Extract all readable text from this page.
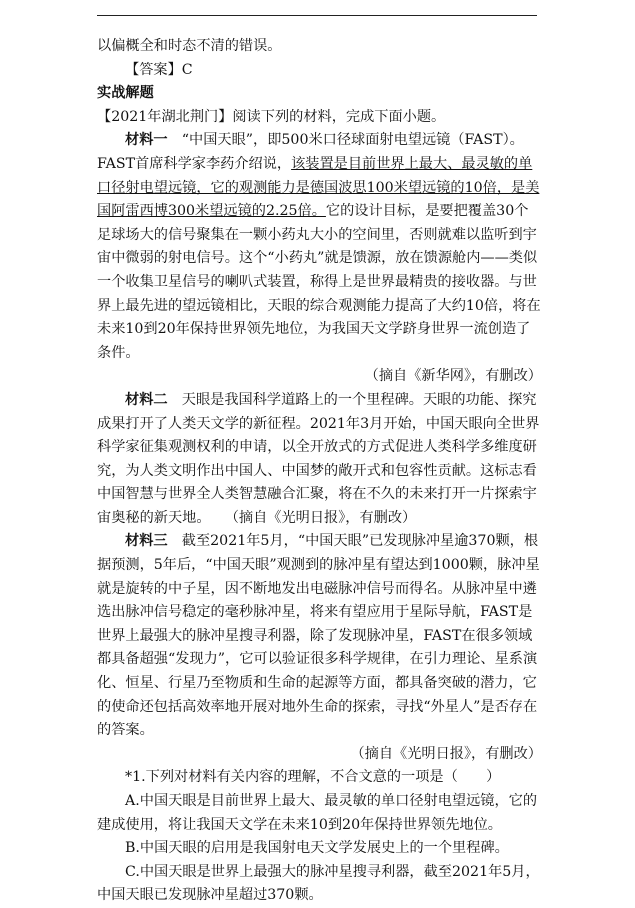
以偏概全和时态不清的错误。

【答案】C

实战解题

【2021年湖北荆门】阅读下列的材料，完成下面小题。

材料一  “中国天眼”，即500米口径球面射电望远镜（FAST）。FAST首席科学家李药介绍说，该装置是目前世界上最大、最灵敏的单口径射电望远镜，它的观测能力是德国波思100米望远镜的10倍，是美国阿雷西博300米望远镜的2.25倍。它的设计目标，是要把覆盖30个足球场大的信号聚集在一颗小药丸大小的空间里，否则就难以监听到宇宙中微弱的射电信号。这个“小药丸”就是馈源，放在馈源舱内——类似一个收集卫星信号的喇叭式装置，称得上是世界最精贵的接收器。与世界上最先进的望远镜相比，天眼的综合观测能力提高了大约10倍，将在未来10到20年保持世界领先地位，为我国天文学跻身世界一流创造了条件。

（摘自《新华网》，有删改）

材料二  天眼是我国科学道路上的一个里程碑。天眼的功能、探究成果打开了人类天文学的新征程。2021年3月开始，中国天眼向全世界科学家征集观测权利的申请，以全开放式的方式促进人类科学多维度研究，为人类文明作出中国人、中国梦的敞开式和包容性贡献。这标志看中国智慧与世界全人类智慧融合汇聚，将在不久的未来打开一片探索宇宙奥秘的新天地。  （摘自《光明日报》，有删改）

材料三  截至2021年5月，“中国天眼”已发现脉冲星逾370颗，根据预测，5年后，“中国天眼”观测到的脉冲星有望达到1000颗，脉冲星就是旋转的中子星，因不断地发出电磁脉冲信号而得名。从脉冲星中遴选出脉冲信号稳定的毫秒脉冲星，将来有望应用于星际导航，FAST是世界上最强大的脉冲星搜寻利器，除了发现脉冲星，FAST在很多领域都具备超强“发现力”，它可以验证很多科学规律，在引力理论、星系演化、恒星、行星乃至物质和生命的起源等方面，都具备突破的潜力，它的使命还包括高效率地开展对地外生命的探索，寻找“外星人”是否存在的答案。

（摘自《光明日报》，有删改）

*1.下列对材料有关内容的理解，不合文意的一项是（　　）

A.中国天眼是目前世界上最大、最灵敏的单口径射电望远镜，它的建成使用，将让我国天文学在未来10到20年保持世界领先地位。

B.中国天眼的启用是我国射电天文学发展史上的一个里程碑。

C.中国天眼是世界上最强大的脉冲星搜寻利器，截至2021年5月，中国天眼已发现脉冲星超过370颗。
